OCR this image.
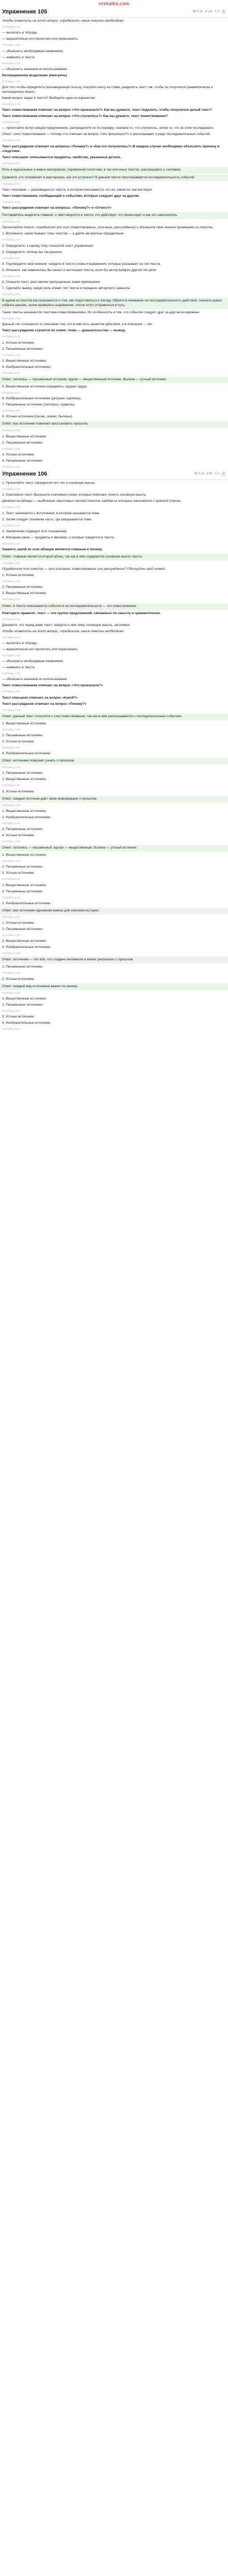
reshalka.com
Упражнение 105	👁 4.3К ♥ 116 ✎ 0 ☰
Чтобы ответить на этот вопрос, определите, какие тексты необходимо:
reshalka.com
— выписать в тетрадь;
— выразительно его прочитать или пересказать;
reshalka.com
— объяснить необходимые изменения;
— изменить в тексте;
reshalka.com
— объяснить значения их использования.
Интонационное выделение (мем-речь)
reshalka.com
Для того чтобы определить произведенную пользу, откройте книгу на главе, разделить текст так, чтобы он получился грамматически и интонационно верно.
Какой вопрос задан в тексте? Выберите один из вариантов:
reshalka.com
Текст повествования отвечает на вопрос «Что произошло?» Как вы думаете, текст поделить, чтобы получился целый текст?
Текст повествования отвечает на вопрос «Что случилось?» Как вы думаете, текст повествование?
reshalka.com
— прочитайте вслух каждое предложение, распределите их по порядку: сначала то, что случилось, затем то, что за этим последовало.
Ответ: текст повествование — потому что отвечает на вопрос «Что произошло?» и рассказывает о ряде последовательных событий.
reshalka.com
Текст рассуждения отвечает на вопросы «Почему?» и «Как это получилось?» В каждом случае необходимо объяснить причину и следствие.
Текст описания: описываются предметы, свойства, указанные детали.
reshalka.com
Роль в журнальных и живых материалах, перевозной логистике, в тех или иных текстах, рассказывать о человеке.
Сравните, кто отправляет в мастерскую, как это устроено? В данном тексте прослеживается последовательность событий.
reshalka.com
Текст описания — разновидность текста, в котором описывается, кто он, каков он, как выглядит.
Текст повествования, сообщающий о событиях, которые следуют друг за другом.
reshalka.com
Текст рассуждения отвечает на вопросы: «Почему?» и «Отчего?»
Постарайтесь выделить главное: о чём говорится в тексте, кто действует, что происходит и как это закончилось.
reshalka.com
Прочитайте текст, определите его тип (повествование, описание, рассуждение) и докажите своё мнение примерами из текста.
1. Вспомните, какие бывают типы текстов — и дайте им краткое определение.
reshalka.com
2. Определите, к какому типу относится текст упражнения.
3. Определите, почему вы так решили.
reshalka.com
4. Подтвердите своё мнение: найдите в тексте слова и выражения, которые указывают на тип текста.
5. Опишите, как изменились бы смысл и интонация текста, если бы автор выбрал другой тип речи.
reshalka.com
6. Спишите текст, расставляя пропущенные знаки препинания.
7. Сделайте вывод: какую роль играет тип текста в передаче авторского замысла.
reshalka.com
В одном из текстов рассказывается о том, как подготовиться к походу. Обратите внимание на последовательность действий: сначала нужно собрать рюкзак, затем проверить снаряжение, после этого отправиться в путь.
Такие тексты называются текстами-повествованиями. Их особенность в том, что события следуют друг за другом во времени.
reshalka.com
Данный тип отличается от описания тем, что в нём есть развитие действия, а в описании — нет.
Текст-рассуждение строится по схеме: тезис — доказательства — вывод.
reshalka.com
1. Устные источники.
2. Письменные источники.
reshalka.com
3. Вещественные источники.
4. Изобразительные источники.
reshalka.com
Ответ: летопись — письменный источник; курган — вещественный источник; былина — устный источник.
5. Вещественные источники (предметы, орудия труда).
reshalka.com
6. Изобразительные источники (рисунки, картины).
7. Письменные источники (летописи, грамоты).
reshalka.com
8. Устные источники (песни, сказки, былины).
Ответ: все источники помогают восстановить прошлое.
reshalka.com
1. Вещественные источники.
2. Письменные источники.
reshalka.com
3. Устные источники.
4. Письменные источники.
reshalka.com
Упражнение 106	👁 3.2К ♥ 98 ✎ 0 ☰
1. Прочитайте текст, определите его тип и основную мысль.
reshalka.com
2. Озаглавьте текст. Выпишите ключевые слова, которые помогают понять основную мысль.
Деление на абзацы — выделение смысловых частей текста, каждая из которых начинается с красной строки.
reshalka.com
1. Текст начинается с вступления, в котором называется тема.
2. Затем следует основная часть, где раскрывается тема.
reshalka.com
3. Заключение подводит итог сказанному.
4. Материал речи — предметы и явления, о которых говорится в тексте.
reshalka.com
Укажите, какой из этих абзацев является главным и почему.
Ответ: главным является второй абзац, так как в нём содержится основная мысль текста.
reshalka.com
Определите тип текста — это описание, повествование или рассуждение? Обоснуйте свой ответ.
1. Устные источники.
reshalka.com
2. Письменные источники.
3. Вещественные источники.
reshalka.com
Ответ: в тексте описываются события в их последовательности — это повествование.
Повторите правило: текст — это группа предложений, связанных по смыслу и грамматически.
reshalka.com
Докажите, что перед вами текст: найдите в нём тему, основную мысль, заголовок.
Чтобы ответить на этот вопрос, определите, какие тексты необходимо:
reshalka.com
— выписать в тетрадь;
— выразительно его прочитать или пересказать;
reshalka.com
— объяснить необходимые изменения;
— изменить в тексте;
reshalka.com
— объяснить значения их использования.
Текст повествования отвечает на вопрос «Что произошло?»
reshalka.com
Текст описания отвечает на вопрос «Какой?»
Текст рассуждения отвечает на вопрос «Почему?»
reshalka.com
Ответ: данный текст относится к типу повествование, так как в нём рассказывается о последовательных событиях.
1. Вещественные источники.
reshalka.com
2. Письменные источники.
3. Устные источники.
reshalka.com
4. Изобразительные источники.
Ответ: источники помогают узнать о прошлом.
reshalka.com
1. Письменные источники.
2. Вещественные источники.
reshalka.com
3. Устные источники.
Ответ: каждый источник даёт свою информацию о прошлом.
reshalka.com
1. Вещественные источники.
2. Изобразительные источники.
reshalka.com
3. Письменные источники.
4. Устные источники.
reshalka.com
Ответ: летопись — письменный, курган — вещественный, былина — устный источник.
1. Вещественные источники.
reshalka.com
2. Письменные источники.
3. Устные источники.
reshalka.com
1. Вещественные источники.
2. Письменные источники.
reshalka.com
3. Изобразительные источники.
Ответ: все источники одинаково важны для изучения истории.
reshalka.com
1. Устные источники.
2. Письменные источники.
reshalka.com
3. Вещественные источники.
4. Изобразительные источники.
reshalka.com
Ответ: источники — это всё, что создано человеком и может рассказать о прошлом.
1. Письменные источники.
reshalka.com
2. Устные источники.
Ответ: каждый вид источников важен по-своему.
reshalka.com
1. Вещественные источники.
2. Письменные источники.
reshalka.com
3. Устные источники.
4. Изобразительные источники.
reshalka.com
